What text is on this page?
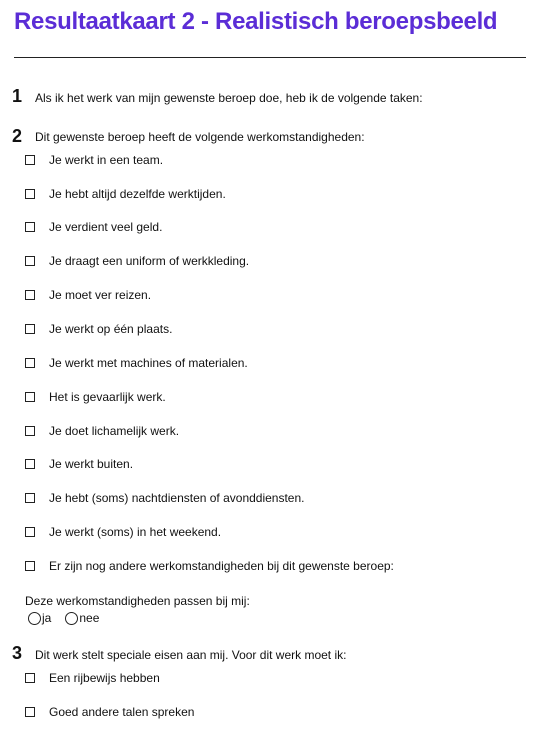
Resultaatkaart 2 - Realistisch beroepsbeeld
1 Als ik het werk van mijn gewenste beroep doe, heb ik de volgende taken:
2 Dit gewenste beroep heeft de volgende werkomstandigheden:
Je werkt in een team.
Je hebt altijd dezelfde werktijden.
Je verdient veel geld.
Je draagt een uniform of werkkleding.
Je moet ver reizen.
Je werkt op één plaats.
Je werkt met machines of materialen.
Het is gevaarlijk werk.
Je doet lichamelijk werk.
Je werkt buiten.
Je hebt (soms) nachtdiensten of avonddiensten.
Je werkt (soms) in het weekend.
Er zijn nog andere werkomstandigheden bij dit gewenste beroep:
Deze werkomstandigheden passen bij mij:
ja nee
3 Dit werk stelt speciale eisen aan mij. Voor dit werk moet ik:
Een rijbewijs hebben
Goed andere talen spreken
